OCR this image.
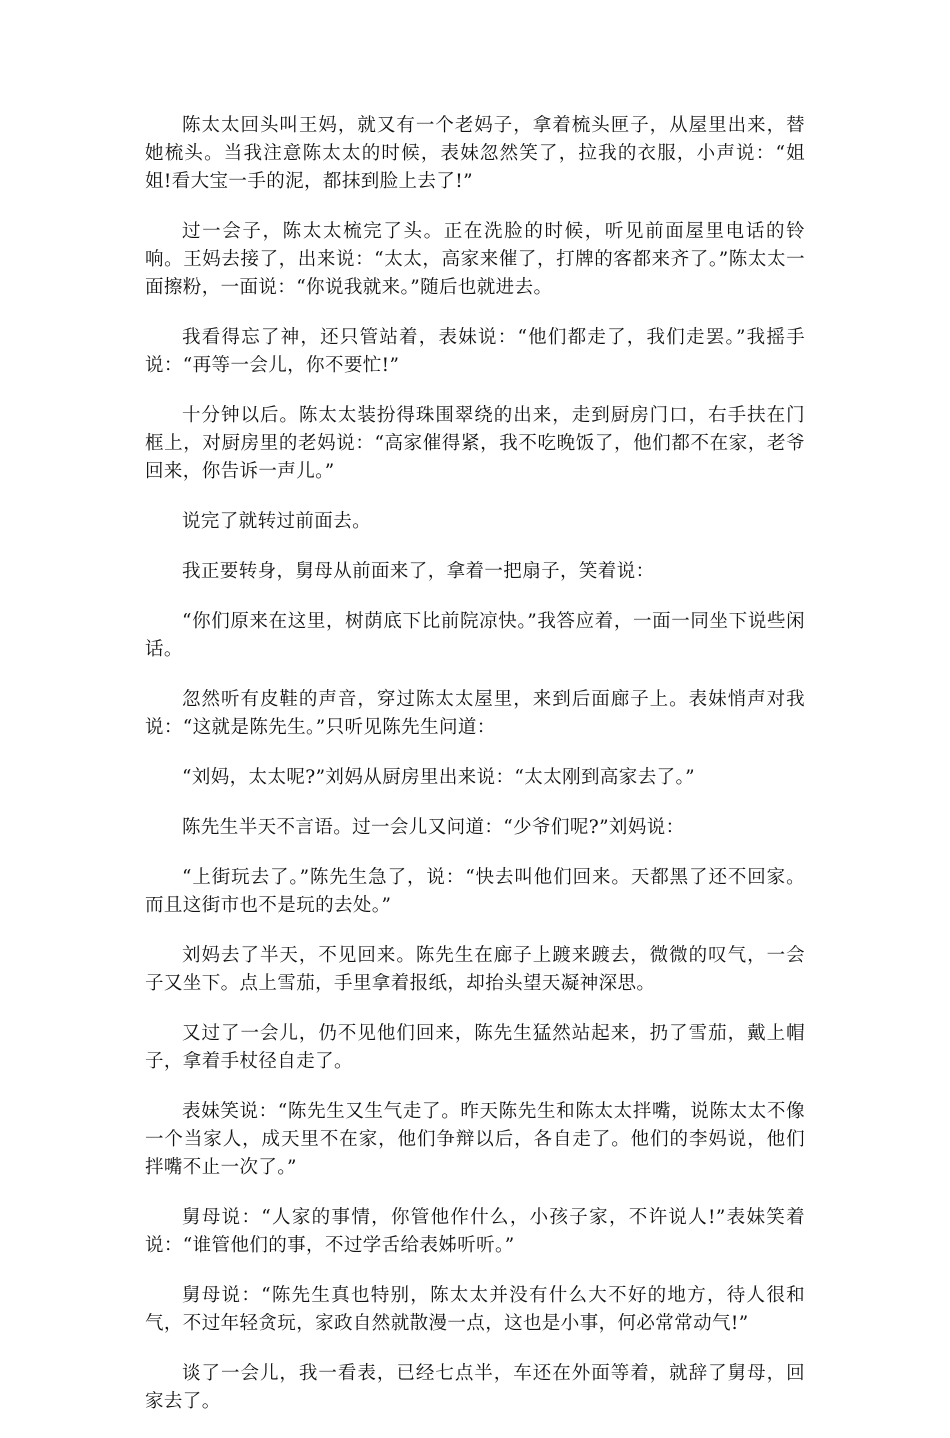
陈太太回头叫王妈，就又有一个老妈子，拿着梳头匣子，从屋里出来，替她梳头。当我注意陈太太的时候，表妹忽然笑了，拉我的衣服，小声说：“姐姐!看大宝一手的泥，都抹到脸上去了!”

过一会子，陈太太梳完了头。正在洗脸的时候，听见前面屋里电话的铃响。王妈去接了，出来说：“太太，高家来催了，打牌的客都来齐了。”陈太太一面擦粉，一面说：“你说我就来。”随后也就进去。

我看得忘了神，还只管站着，表妹说：“他们都走了，我们走罢。”我摇手说：“再等一会儿，你不要忙!”

十分钟以后。陈太太装扮得珠围翠绕的出来，走到厨房门口，右手扶在门框上，对厨房里的老妈说：“高家催得紧，我不吃晚饭了，他们都不在家，老爷回来，你告诉一声儿。”

说完了就转过前面去。

我正要转身，舅母从前面来了，拿着一把扇子，笑着说：

“你们原来在这里，树荫底下比前院凉快。”我答应着，一面一同坐下说些闲话。

忽然听有皮鞋的声音，穿过陈太太屋里，来到后面廊子上。表妹悄声对我说：“这就是陈先生。”只听见陈先生问道：

“刘妈，太太呢?”刘妈从厨房里出来说：“太太刚到高家去了。”

陈先生半天不言语。过一会儿又问道：“少爷们呢?”刘妈说：

“上街玩去了。”陈先生急了，说：“快去叫他们回来。天都黑了还不回家。而且这街市也不是玩的去处。”

刘妈去了半天，不见回来。陈先生在廊子上踱来踱去，微微的叹气，一会子又坐下。点上雪茄，手里拿着报纸，却抬头望天凝神深思。

又过了一会儿，仍不见他们回来，陈先生猛然站起来，扔了雪茄，戴上帽子，拿着手杖径自走了。

表妹笑说：“陈先生又生气走了。昨天陈先生和陈太太拌嘴，说陈太太不像一个当家人，成天里不在家，他们争辩以后，各自走了。他们的李妈说，他们拌嘴不止一次了。”

舅母说：“人家的事情，你管他作什么，小孩子家，不许说人!”表妹笑着说：“谁管他们的事，不过学舌给表姊听听。”

舅母说：“陈先生真也特别，陈太太并没有什么大不好的地方，待人很和气，不过年轻贪玩，家政自然就散漫一点，这也是小事，何必常常动气!”

谈了一会儿，我一看表，已经七点半，车还在外面等着，就辞了舅母，回家去了。
